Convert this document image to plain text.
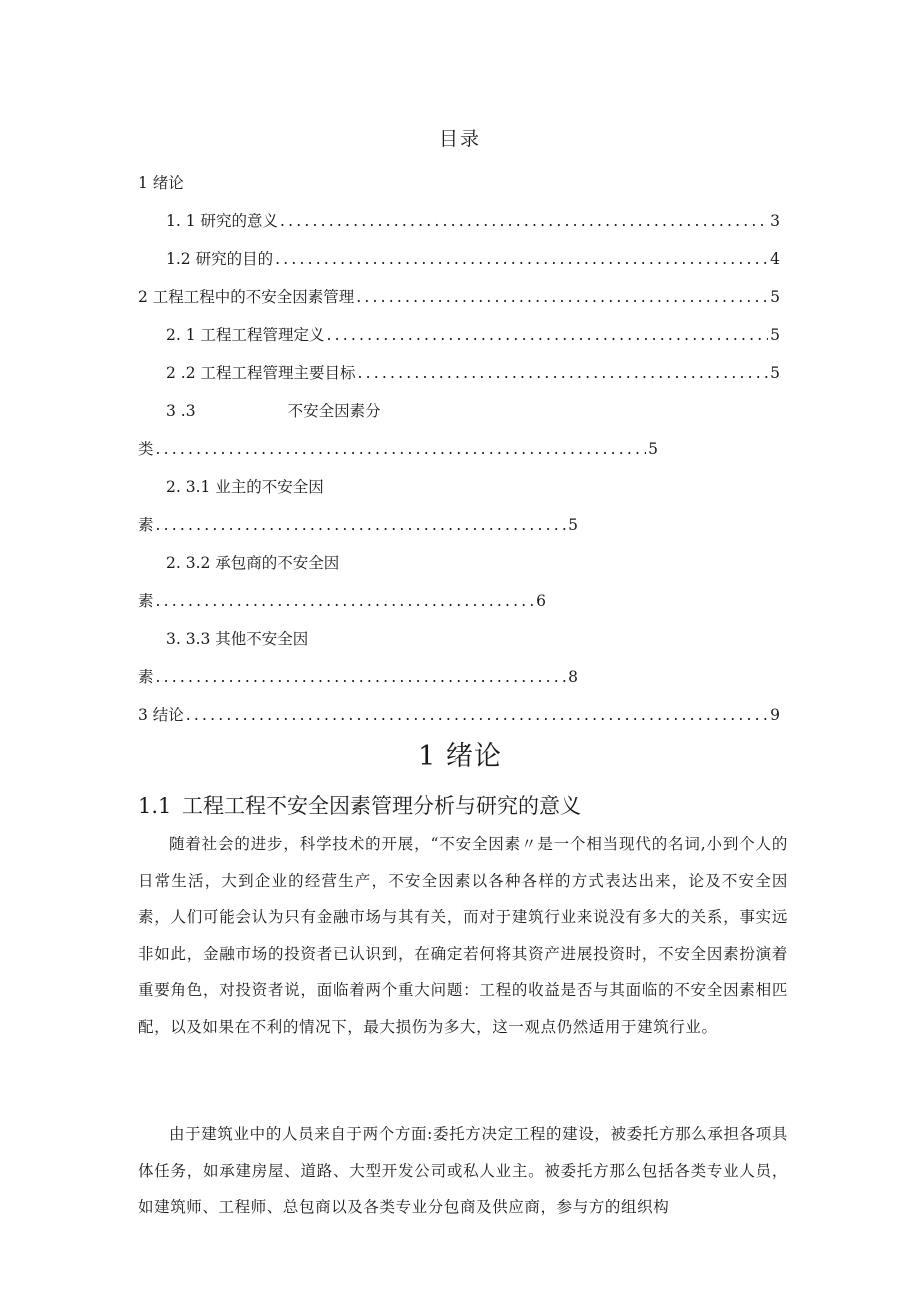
目录
1 绪论
1. 1 研究的意义 .....	3
1.2 研究的目的 .....	4
2 工程工程中的不安全因素管理 .....	5
2. 1 工程工程管理定义 .....	5
2 .2 工程工程管理主要目标 .....	5
3 .3	不安全因素分
类 .....	5
2. 3.1 业主的不安全因
素 .....	5
2. 3.2 承包商的不安全因
素 .....	6
3. 3.3 其他不安全因
素 .....	8
3 结论 .....	9
1 绪论
1.1 工程工程不安全因素管理分析与研究的意义
随着社会的进步，科学技术的开展，“不安全因素〃是一个相当现代的名词,小到个人的日常生活，大到企业的经营生产，不安全因素以各种各样的方式表达出来，论及不安全因素，人们可能会认为只有金融市场与其有关，而对于建筑行业来说没有多大的关系，事实远非如此，金融市场的投资者已认识到，在确定若何将其资产进展投资时，不安全因素扮演着重要角色，对投资者说，面临着两个重大问题：工程的收益是否与其面临的不安全因素相匹配，以及如果在不利的情况下，最大损伤为多大，这一观点仍然适用于建筑行业。
由于建筑业中的人员来自于两个方面:委托方决定工程的建设，被委托方那么承担各项具体任务，如承建房屋、道路、大型开发公司或私人业主。被委托方那么包括各类专业人员，如建筑师、工程师、总包商以及各类专业分包商及供应商，参与方的组织构
